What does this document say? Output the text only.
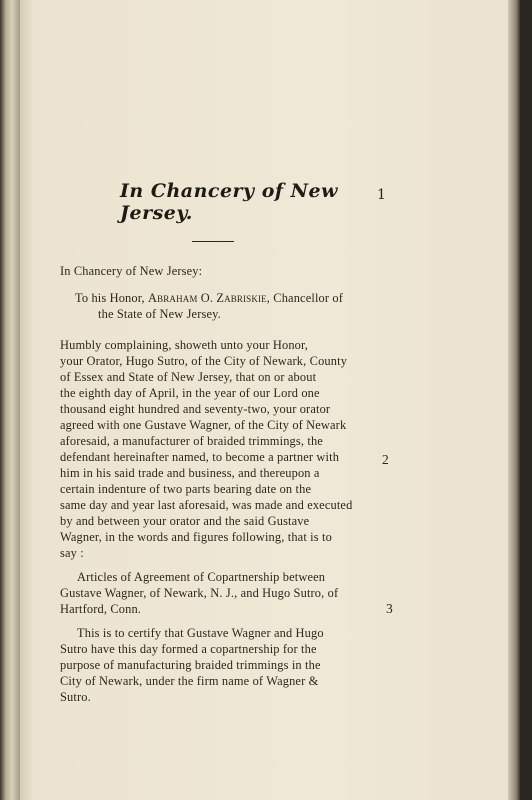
In Chancery of New Jersey.
1
In Chancery of New Jersey:
To his Honor, Abraham O. Zabriskie, Chancellor of
the State of New Jersey.
Humbly complaining, showeth unto your Honor,
your Orator, Hugo Sutro, of the City of Newark, County
of Essex and State of New Jersey, that on or about
the eighth day of April, in the year of our Lord one
thousand eight hundred and seventy-two, your orator
agreed with one Gustave Wagner, of the City of Newark
aforesaid, a manufacturer of braided trimmings, the
defendant hereinafter named, to become a partner with
him in his said trade and business, and thereupon a
certain indenture of two parts bearing date on the
same day and year last aforesaid, was made and executed
by and between your orator and the said Gustave
Wagner, in the words and figures following, that is to
say :
Articles of Agreement of Copartnership between
Gustave Wagner, of Newark, N. J., and Hugo Sutro, of
Hartford, Conn.
This is to certify that Gustave Wagner and Hugo
Sutro have this day formed a copartnership for the
purpose of manufacturing braided trimmings in the
City of Newark, under the firm name of Wagner &
Sutro.
2
3
